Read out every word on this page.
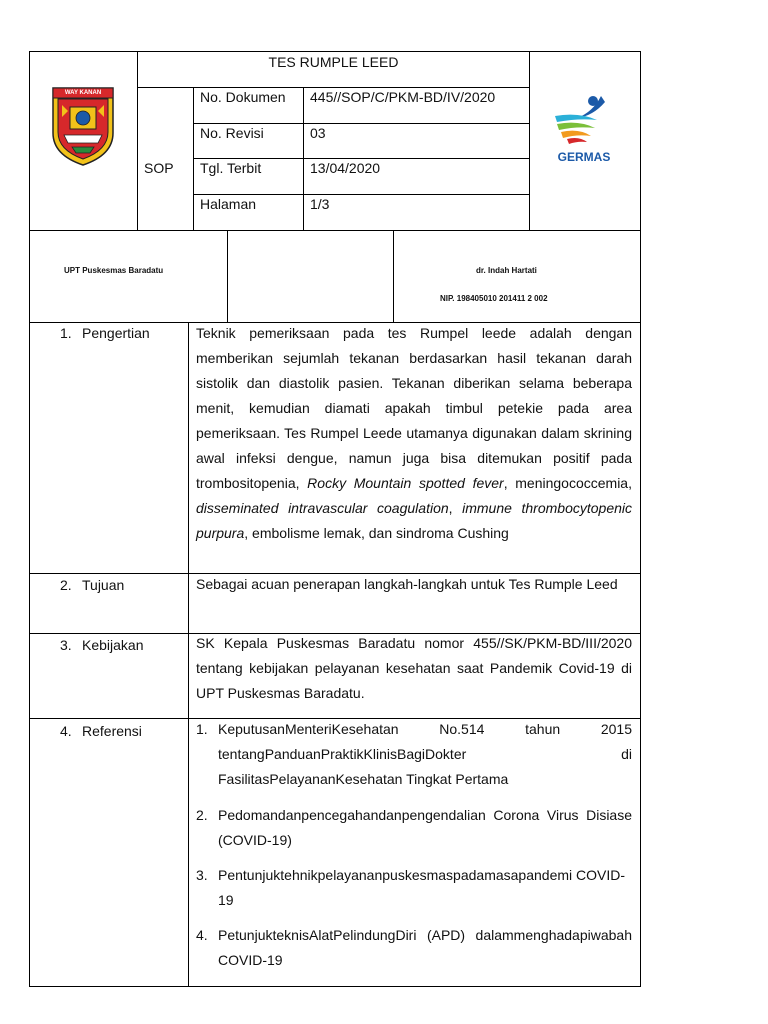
WAY KANAN
TES RUMPLE LEED
SOP
No. Dokumen 445//SOP/C/PKM-BD/IV/2020
No. Revisi	03
Tgl. Terbit	13/04/2020
Halaman	1/3
GERMAS
UPT Puskesmas Baradatu	dr. Indah Hartati
NIP. 198405010 201411 2 002
1. Pengertian	Teknik pemeriksaan pada tes Rumpel leede adalah dengan memberikan sejumlah tekanan berdasarkan hasil tekanan darah sistolik dan diastolik pasien. Tekanan diberikan selama beberapa menit, kemudian diamati apakah timbul petekie pada area pemeriksaan. Tes Rumpel Leede utamanya digunakan dalam skrining awal infeksi dengue, namun juga bisa ditemukan positif pada trombositopenia, Rocky Mountain spotted fever, meningococcemia, disseminated intravascular coagulation, immune thrombocytopenic purpura, embolisme lemak, dan sindroma Cushing
2. Tujuan	Sebagai acuan penerapan langkah-langkah untuk Tes Rumple Leed
3. Kebijakan	SK Kepala Puskesmas Baradatu nomor 455//SK/PKM-BD/III/2020 tentang kebijakan pelayanan kesehatan saat Pandemik Covid-19 di UPT Puskesmas Baradatu.
4. Referensi	1. KeputusanMenteriKesehatan No.514 tahun 2015 tentangPanduanPraktikKlinisBagiDokter di FasilitasPelayananKesehatan Tingkat Pertama
2. Pedomandanpencegahandanpengendalian Corona Virus Disiase (COVID-19)
3. Pentunjuktehnikpelayananpuskesmaspadamasapandemi COVID-19
4. PetunjukteknisAlatPelindungDiri (APD) dalammenghadapiwabah COVID-19
